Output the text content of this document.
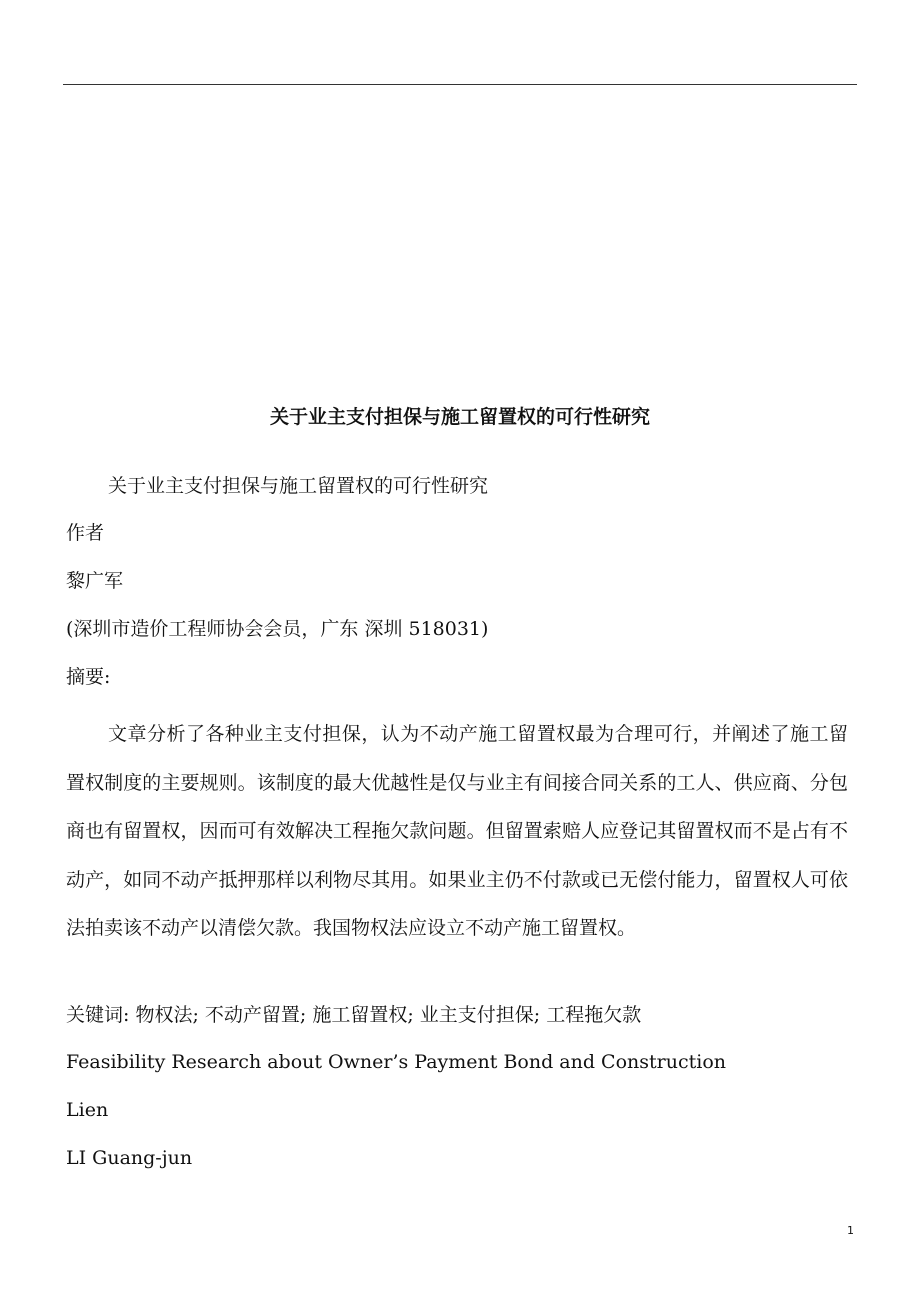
关于业主支付担保与施工留置权的可行性研究
关于业主支付担保与施工留置权的可行性研究
作者
黎广军
(深圳市造价工程师协会会员，广东 深圳 518031)
摘要:
文章分析了各种业主支付担保，认为不动产施工留置权最为合理可行，并阐述了施工留置权制度的主要规则。该制度的最大优越性是仅与业主有间接合同关系的工人、供应商、分包商也有留置权，因而可有效解决工程拖欠款问题。但留置索赔人应登记其留置权而不是占有不动产，如同不动产抵押那样以利物尽其用。如果业主仍不付款或已无偿付能力，留置权人可依法拍卖该不动产以清偿欠款。我国物权法应设立不动产施工留置权。
关键词: 物权法; 不动产留置; 施工留置权; 业主支付担保; 工程拖欠款
Feasibility Research about Owner’s Payment Bond and Construction
Lien
LI Guang-jun
1
